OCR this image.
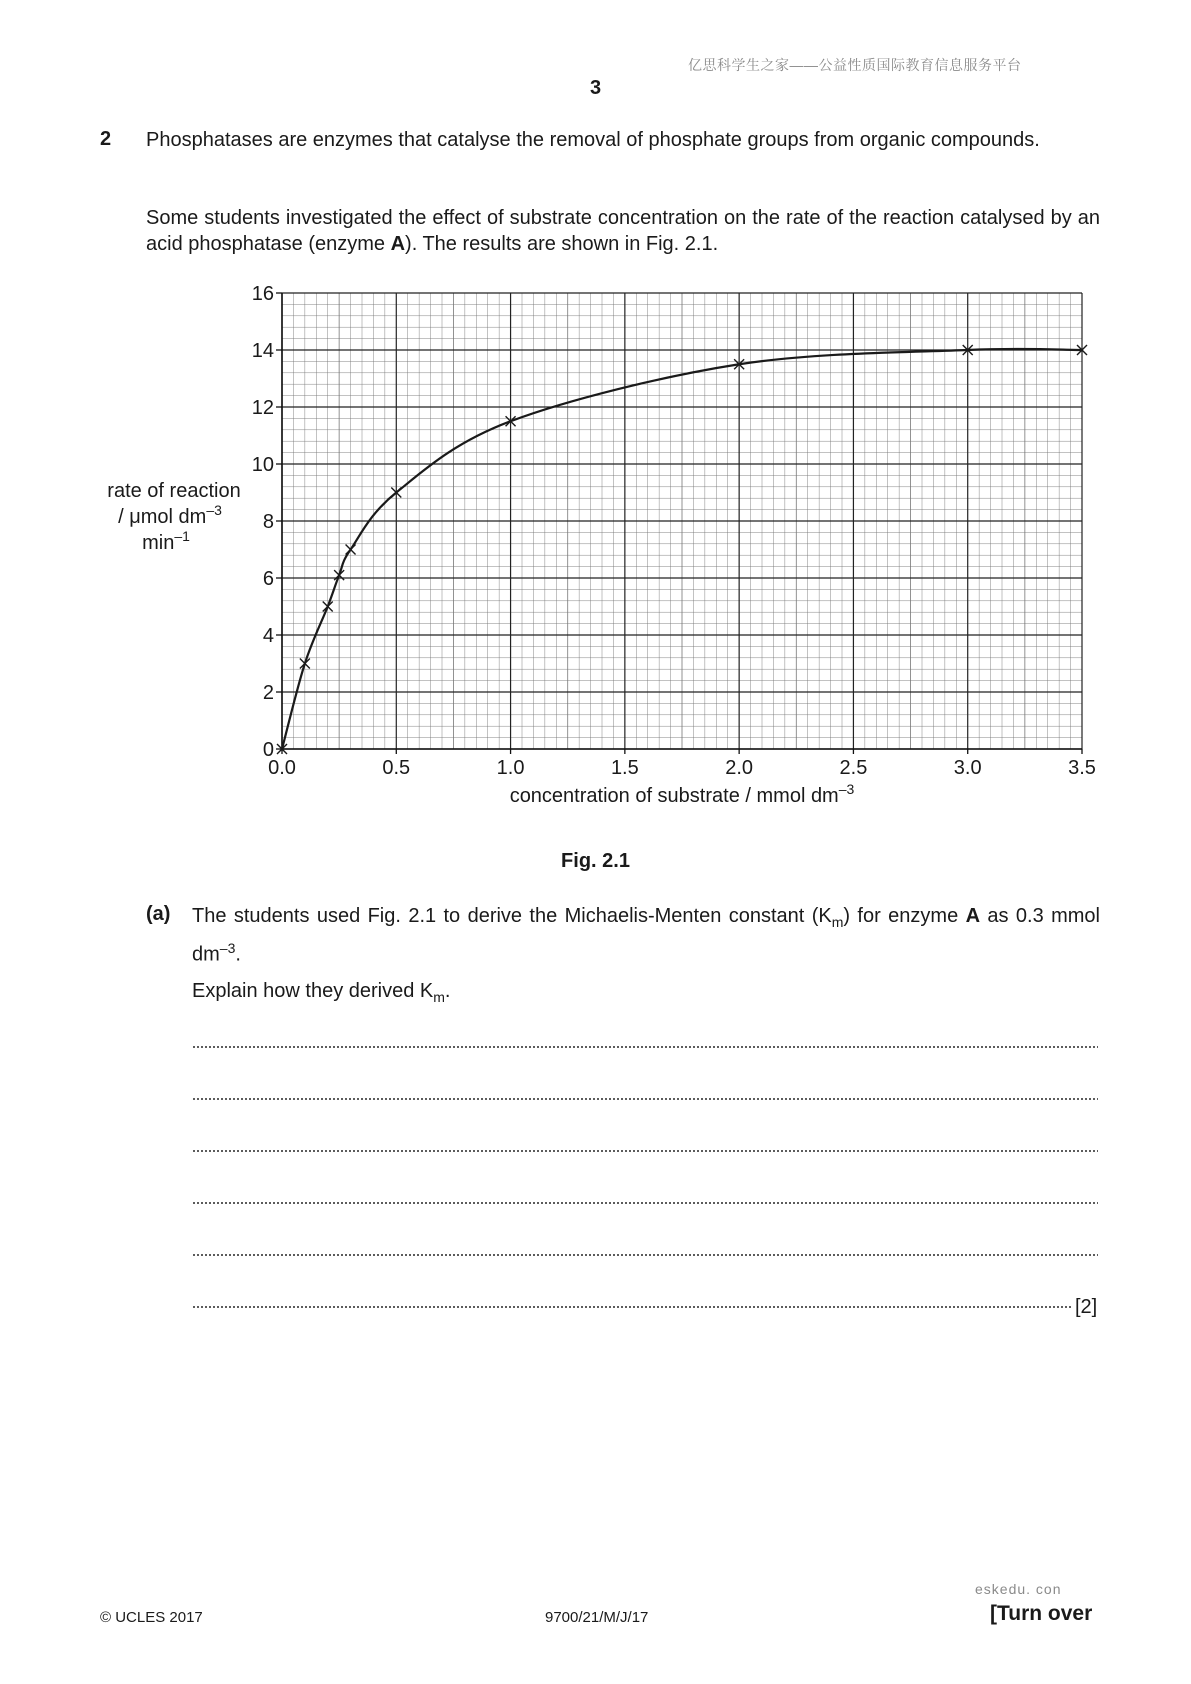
亿思科学生之家——公益性质国际教育信息服务平台
3
2 Phosphatases are enzymes that catalyse the removal of phosphate groups from organic compounds.
Some students investigated the effect of substrate concentration on the rate of the reaction catalysed by an acid phosphatase (enzyme A). The results are shown in Fig. 2.1.
0
2
4
6
8
10
12
14
16
0.0	0.5	1.0	1.5	2.0	2.5	3.0	3.5
concentration of substrate / mmol $dm^{-3}$
rate of reaction
/ μmol $dm^{-3}$
$\min^{-1}$
Fig. 2.1
(a) The students used Fig. 2.1 to derive the Michaelis-Menten constant $(K_m)$ for enzyme A as 0.3 mmol $dm^{-3}$.
Explain how they derived $K_m$.
[2]
eskedu. con
© UCLES 2017	9700/21/M/J/17	[Turn over
